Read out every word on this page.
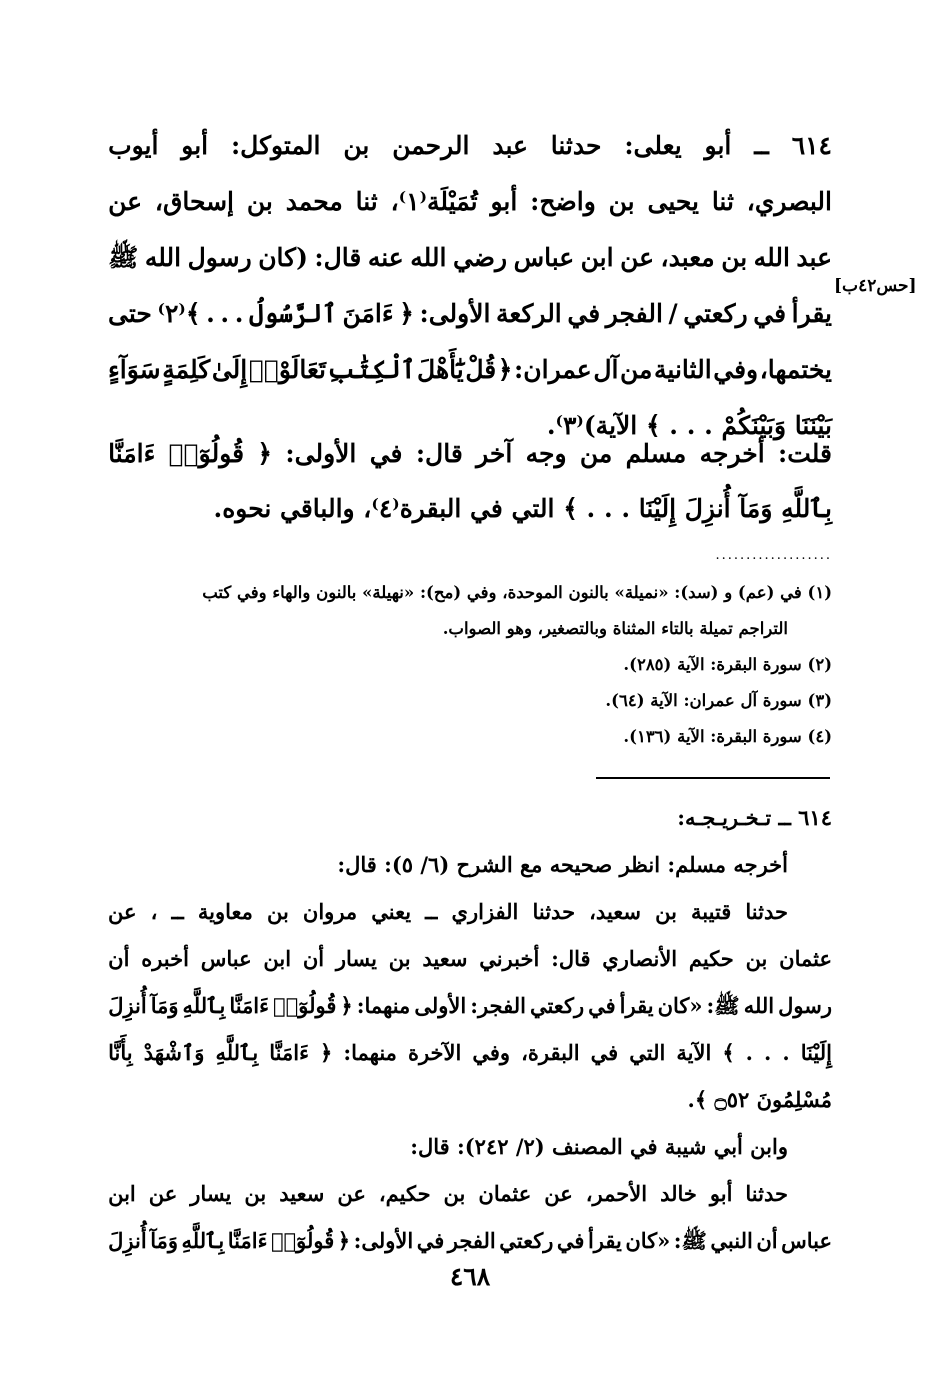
٦١٤
ــ
أبو
يعلى:
حدثنا
عبد
الرحمن
بن
المتوكل:
أبو
أيوب
البصري،
ثنا
يحيى
بن
واضح:
أبو
تُمَيْلَة⁽١⁾،
ثنا
محمد
بن
إسحاق،
عن
عبد
الله
بن
معبد،
عن
ابن
عباس
رضي
الله
عنه
قال:
(كان
رسول
الله
ﷺ
يقرأ
في
ركعتي
/
الفجر
في
الركعة
الأولى:
﴿
ءَامَنَ
ٱلرَّسُولُ
.
.
.
﴾⁽٢⁾
حتى
يختمها،
وفي
الثانية
من
آل
عمران:
﴿
قُلْ
يَٰٓأَهْلَ
ٱلْكِتَٰبِ
تَعَالَوْا۟
إِلَىٰ
كَلِمَةٍ
سَوَآءٍ
بَيْنَنَا وَبَيْنَكُمْ . . . ﴾ الآية)⁽٣⁾.
[حس٤٢ب]
قلت:
أخرجه
مسلم
من
وجه
آخر
قال:
في
الأولى:
﴿
قُولُوٓا۟
ءَامَنَّا
بِٱللَّهِ وَمَآ أُنزِلَ إِلَيْنَا . . . ﴾ التي في البقرة⁽٤⁾، والباقي نحوه.
...................
(١) في (عم) و (سد): «نميلة» بالنون الموحدة، وفي (مح): «نهيلة» بالنون والهاء وفي كتب
التراجم تميلة بالتاء المثناة وبالتصغير، وهو الصواب.
(٢) سورة البقرة: الآية (٢٨٥).
(٣) سورة آل عمران: الآية (٦٤).
(٤) سورة البقرة: الآية (١٣٦).
٦١٤ ــ تـخـريـجـه:
أخرجه مسلم: انظر صحيحه مع الشرح (٦/ ٥): قال:
حدثنا
قتيبة
بن
سعيد،
حدثنا
الفزاري
ــ
يعني
مروان
بن
معاوية
ــ
،
عن
عثمان
بن
حكيم
الأنصاري
قال:
أخبرني
سعيد
بن
يسار
أن
ابن
عباس
أخبره
أن
رسول
الله
ﷺ:
«كان
يقرأ
في
ركعتي
الفجر:
الأولى
منهما:
﴿
قُولُوٓا۟
ءَامَنَّا
بِٱللَّهِ
وَمَآ
أُنزِلَ
إِلَيْنَا
.
.
.
﴾
الآية
التي
في
البقرة،
وفي
الآخرة
منهما:
﴿
ءَامَنَّا
بِٱللَّهِ
وَٱشْهَدْ
بِأَنَّا
مُسْلِمُونَ ۝٥٢ ﴾.
وابن أبي شيبة في المصنف (٢/ ٢٤٢): قال:
حدثنا
أبو
خالد
الأحمر،
عن
عثمان
بن
حكيم،
عن
سعيد
بن
يسار
عن
ابن
عباس
أن
النبي
ﷺ:
«كان
يقرأ
في
ركعتي
الفجر
في
الأولى:
﴿
قُولُوٓا۟
ءَامَنَّا
بِٱللَّهِ
وَمَآ
أُنزِلَ
٤٦٨
